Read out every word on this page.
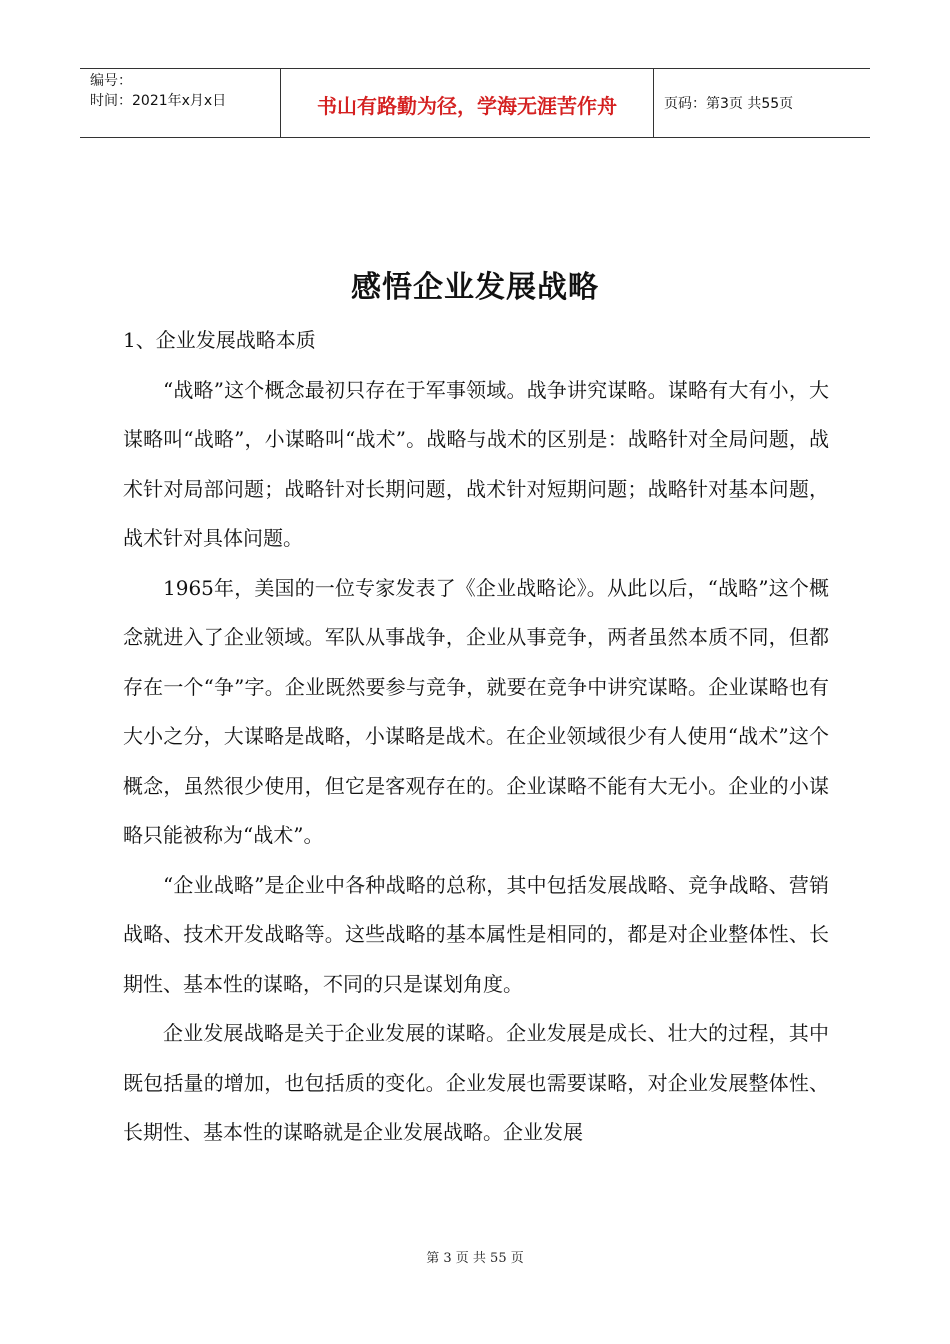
编号：
时间：2021年x月x日	书山有路勤为径，学海无涯苦作舟	页码：第3页 共55页
感悟企业发展战略

1、企业发展战略本质

“战略”这个概念最初只存在于军事领域。战争讲究谋略。谋略有大有小，大谋略叫“战略”，小谋略叫“战术”。战略与战术的区别是：战略针对全局问题，战术针对局部问题；战略针对长期问题，战术针对短期问题；战略针对基本问题，战术针对具体问题。

1965年，美国的一位专家发表了《企业战略论》。从此以后，“战略”这个概念就进入了企业领域。军队从事战争，企业从事竞争，两者虽然本质不同，但都存在一个“争”字。企业既然要参与竞争，就要在竞争中讲究谋略。企业谋略也有大小之分，大谋略是战略，小谋略是战术。在企业领域很少有人使用“战术”这个概念，虽然很少使用，但它是客观存在的。企业谋略不能有大无小。企业的小谋略只能被称为“战术”。

“企业战略”是企业中各种战略的总称，其中包括发展战略、竞争战略、营销战略、技术开发战略等。这些战略的基本属性是相同的，都是对企业整体性、长期性、基本性的谋略，不同的只是谋划角度。

企业发展战略是关于企业发展的谋略。企业发展是成长、壮大的过程，其中既包括量的增加，也包括质的变化。企业发展也需要谋略，对企业发展整体性、长期性、基本性的谋略就是企业发展战略。企业发展

第 3 页 共 55 页
